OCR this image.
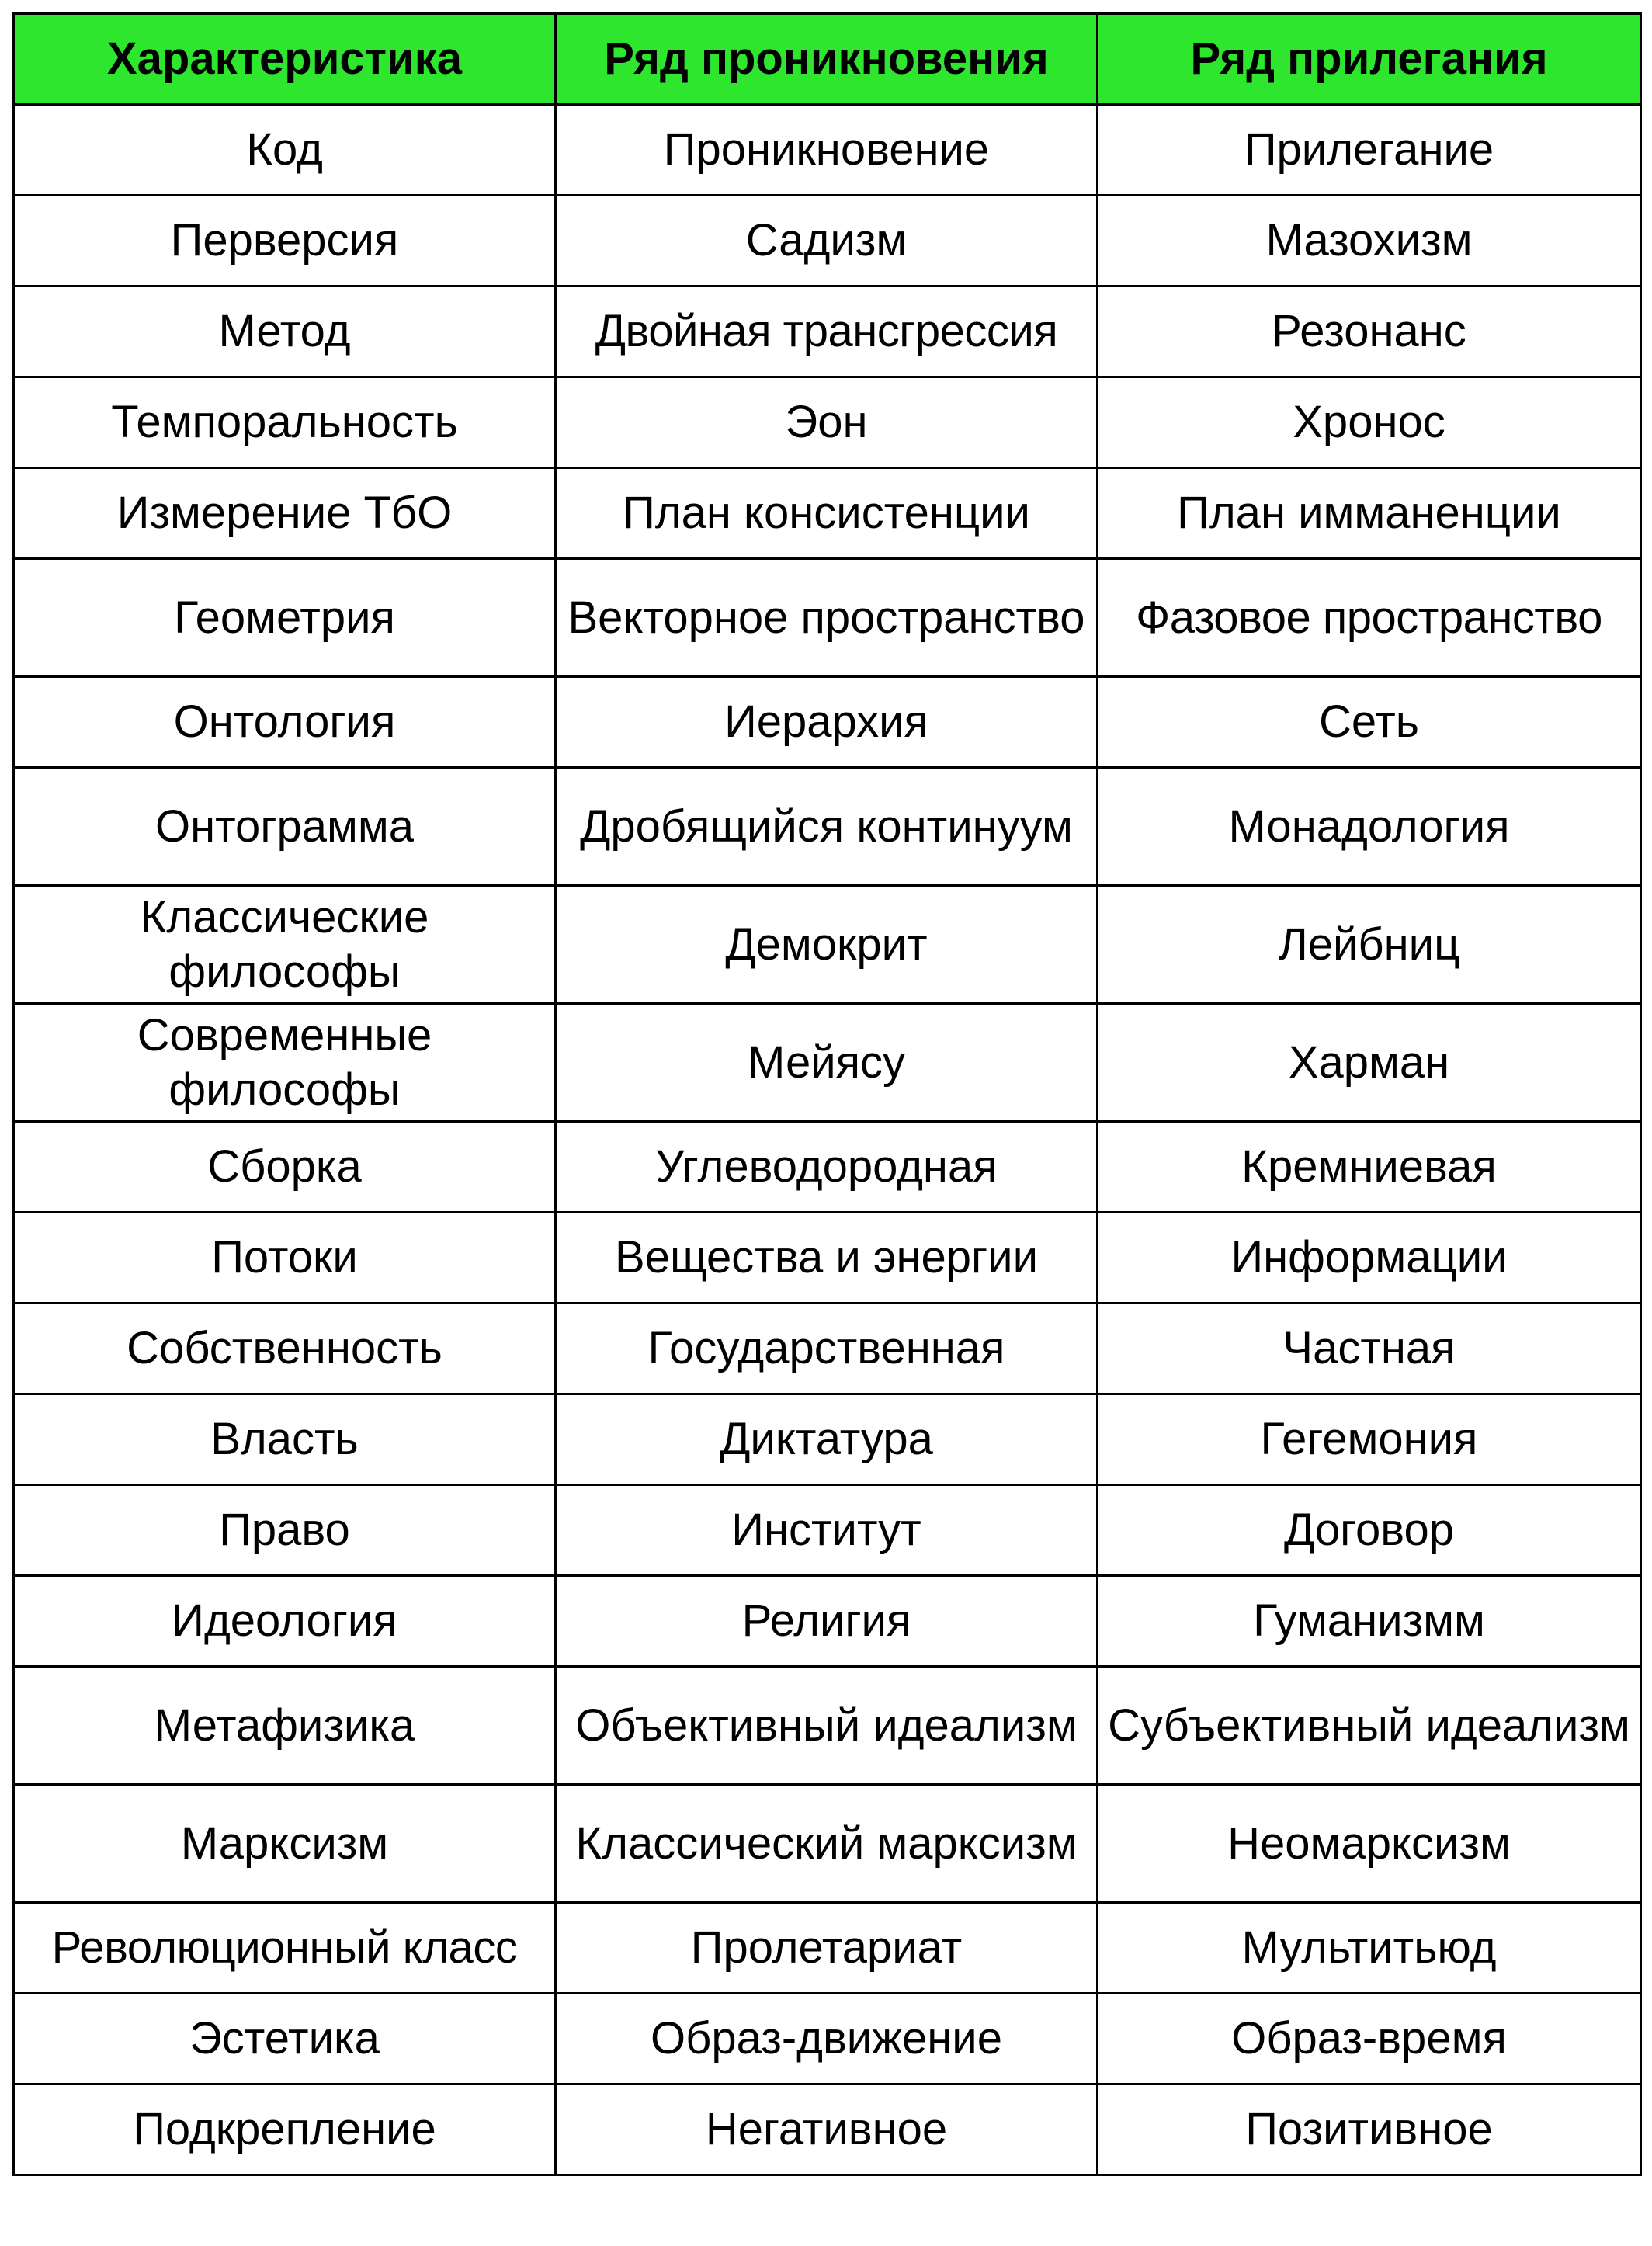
Характеристика	Ряд проникновения	Ряд прилегания
Код	Проникновение	Прилегание
Перверсия	Садизм	Мазохизм
Метод	Двойная трансгрессия	Резонанс
Темпоральность	Эон	Хронос
Измерение ТбО	План консистенции	План имманенции
Геометрия	Векторное пространство	Фазовое пространство
Онтология	Иерархия	Сеть
Онтограмма	Дробящийся континуум	Монадология
Классические философы	Демокрит	Лейбниц
Современные философы	Мейясу	Харман
Сборка	Углеводородная	Кремниевая
Потоки	Вещества и энергии	Информации
Собственность	Государственная	Частная
Власть	Диктатура	Гегемония
Право	Институт	Договор
Идеология	Религия	Гуманизмм
Метафизика	Объективный идеализм	Субъективный идеализм
Марксизм	Классический марксизм	Неомарксизм
Революционный класс	Пролетариат	Мультитьюд
Эстетика	Образ-движение	Образ-время
Подкрепление	Негативное	Позитивное
